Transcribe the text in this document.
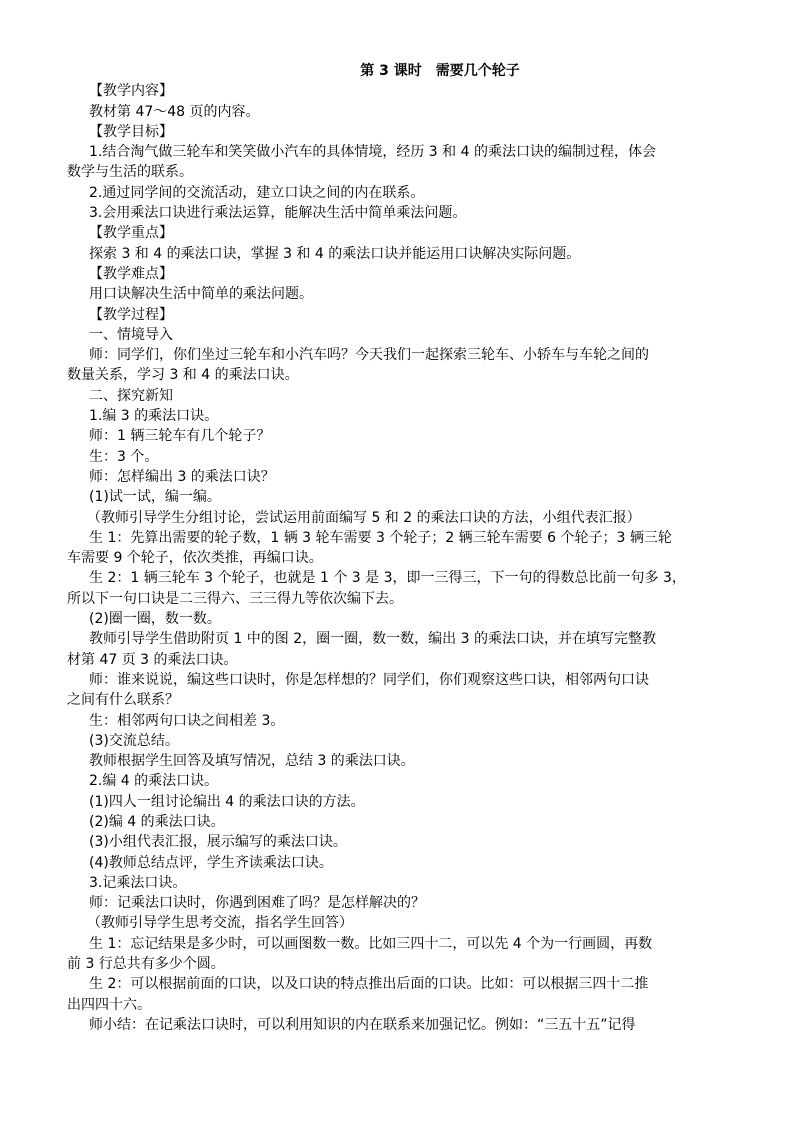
第 3 课时　需要几个轮子

【教学内容】

教材第 47～48 页的内容。

【教学目标】

1.结合淘气做三轮车和笑笑做小汽车的具体情境，经历 3 和 4 的乘法口诀的编制过程，体会

数学与生活的联系。

2.通过同学间的交流活动，建立口诀之间的内在联系。

3.会用乘法口诀进行乘法运算，能解决生活中简单乘法问题。

【教学重点】

探索 3 和 4 的乘法口诀，掌握 3 和 4 的乘法口诀并能运用口诀解决实际问题。

【教学难点】

用口诀解决生活中简单的乘法问题。

【教学过程】

一、情境导入

师：同学们，你们坐过三轮车和小汽车吗？今天我们一起探索三轮车、小轿车与车轮之间的

数量关系，学习 3 和 4 的乘法口诀。

二、探究新知

1.编 3 的乘法口诀。

师：1 辆三轮车有几个轮子？

生：3 个。

师：怎样编出 3 的乘法口诀？

(1)试一试，编一编。

（教师引导学生分组讨论，尝试运用前面编写 5 和 2 的乘法口诀的方法，小组代表汇报）

生 1：先算出需要的轮子数，1 辆 3 轮车需要 3 个轮子；2 辆三轮车需要 6 个轮子；3 辆三轮

车需要 9 个轮子，依次类推，再编口诀。

生 2：1 辆三轮车 3 个轮子，也就是 1 个 3 是 3，即一三得三，下一句的得数总比前一句多 3，

所以下一句口诀是二三得六、三三得九等依次编下去。

(2)圈一圈，数一数。

教师引导学生借助附页 1 中的图 2，圈一圈，数一数，编出 3 的乘法口诀，并在填写完整教

材第 47 页 3 的乘法口诀。

师：谁来说说，编这些口诀时，你是怎样想的？同学们，你们观察这些口诀，相邻两句口诀

之间有什么联系？

生：相邻两句口诀之间相差 3。

(3)交流总结。

教师根据学生回答及填写情况，总结 3 的乘法口诀。

2.编 4 的乘法口诀。

(1)四人一组讨论编出 4 的乘法口诀的方法。

(2)编 4 的乘法口诀。

(3)小组代表汇报，展示编写的乘法口诀。

(4)教师总结点评，学生齐读乘法口诀。

3.记乘法口诀。

师：记乘法口诀时，你遇到困难了吗？是怎样解决的？

（教师引导学生思考交流，指名学生回答）

生 1：忘记结果是多少时，可以画图数一数。比如三四十二，可以先 4 个为一行画圆，再数

前 3 行总共有多少个圆。

生 2：可以根据前面的口诀，以及口诀的特点推出后面的口诀。比如：可以根据三四十二推

出四四十六。

师小结：在记乘法口诀时，可以利用知识的内在联系来加强记忆。例如：“三五十五”记得
